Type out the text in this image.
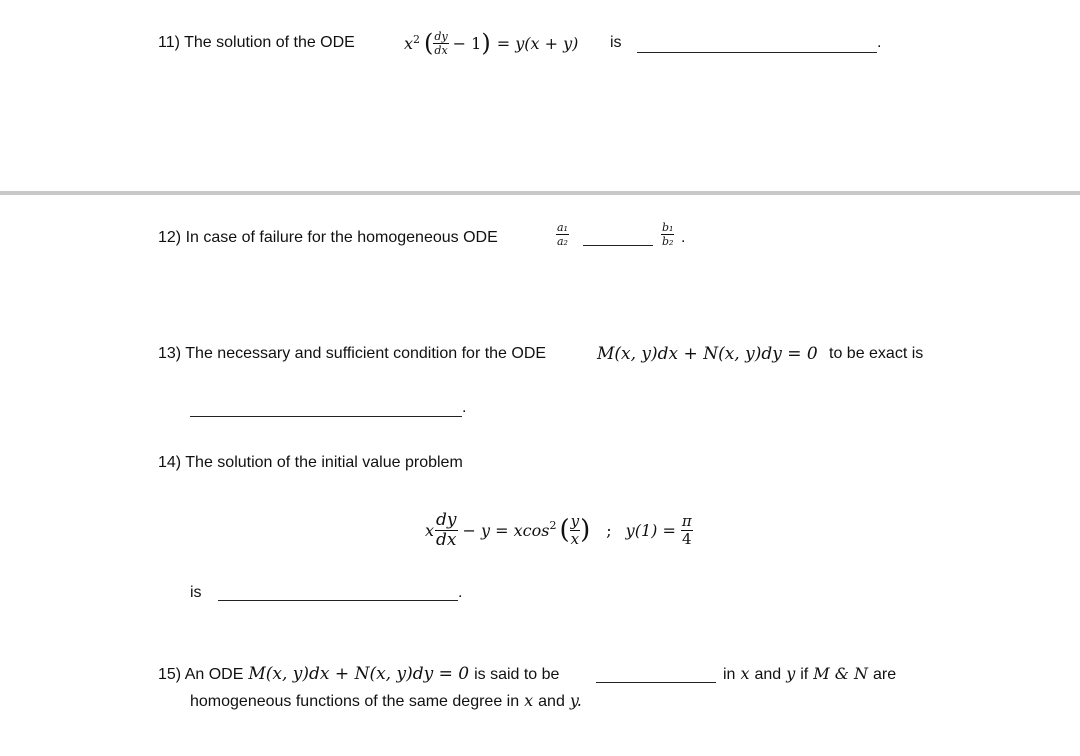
11) The solution of the ODE	$x^2$ ( $\frac{dy}{dx} - 1$ ) = y(x + y) is	.
12) In case of failure for the homogeneous ODE	$\frac{\text{a₁}}{\text{a₂}}$	$\frac{\text{b₁}}{\text{b₂}}$ .
13) The necessary and sufficient condition for the ODE	M(x, y)dx + N(x, y)dy = 0 to be exact is
.
14) The solution of the initial value problem
x $\frac{dy}{dx} - y = xcos^2$ ( $\frac{y}{x}$ ) ; $y(1) = \frac{\pi}{4}$
is	.
15) An ODE M(x, y)dx + N(x, y)dy = 0 is said to be	in x and y if M & N are
homogeneous functions of the same degree in x and y.
